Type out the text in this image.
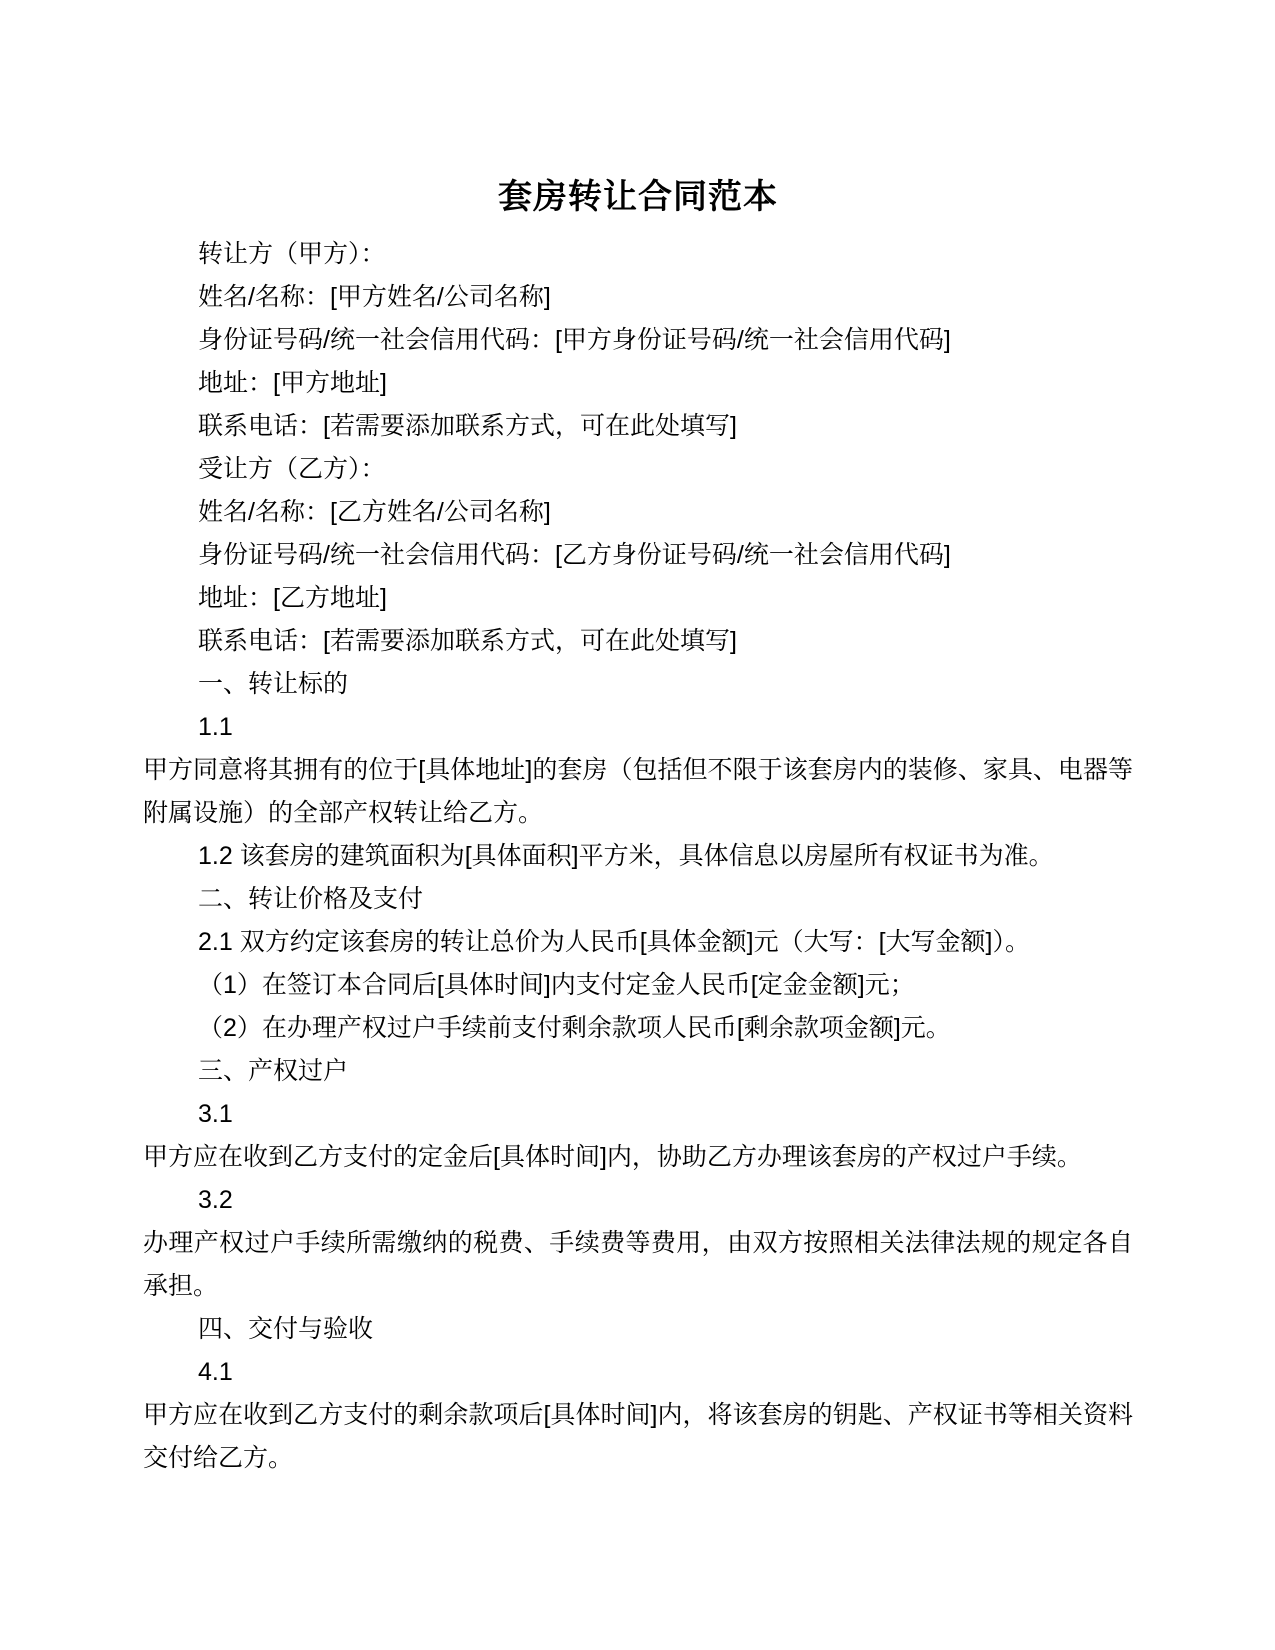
套房转让合同范本

转让方（甲方）：

姓名/名称：[甲方姓名/公司名称]

身份证号码/统一社会信用代码：[甲方身份证号码/统一社会信用代码]

地址：[甲方地址]

联系电话：[若需要添加联系方式，可在此处填写]

受让方（乙方）：

姓名/名称：[乙方姓名/公司名称]

身份证号码/统一社会信用代码：[乙方身份证号码/统一社会信用代码]

地址：[乙方地址]

联系电话：[若需要添加联系方式，可在此处填写]

一、转让标的

1.1

甲方同意将其拥有的位于[具体地址]的套房（包括但不限于该套房内的装修、家具、电器等附属设施）的全部产权转让给乙方。

1.2 该套房的建筑面积为[具体面积]平方米，具体信息以房屋所有权证书为准。

二、转让价格及支付

2.1 双方约定该套房的转让总价为人民币[具体金额]元（大写：[大写金额]）。

（1）在签订本合同后[具体时间]内支付定金人民币[定金金额]元；

（2）在办理产权过户手续前支付剩余款项人民币[剩余款项金额]元。

三、产权过户

3.1

甲方应在收到乙方支付的定金后[具体时间]内，协助乙方办理该套房的产权过户手续。

3.2

办理产权过户手续所需缴纳的税费、手续费等费用，由双方按照相关法律法规的规定各自承担。

四、交付与验收

4.1

甲方应在收到乙方支付的剩余款项后[具体时间]内，将该套房的钥匙、产权证书等相关资料交付给乙方。
